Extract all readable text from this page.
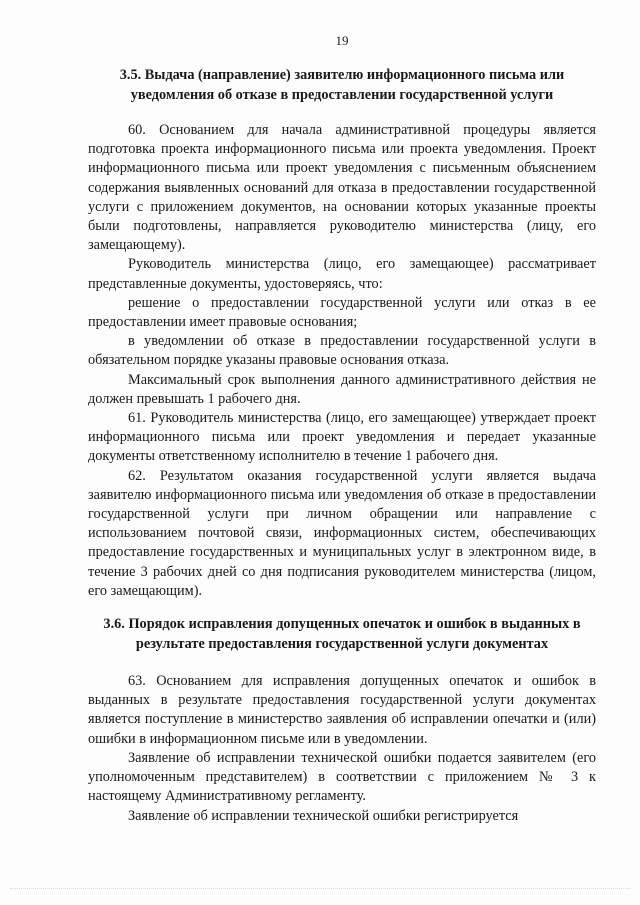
19

3.5. Выдача (направление) заявителю информационного письма или уведомления об отказе в предоставлении государственной услуги

60. Основанием для начала административной процедуры является подготовка проекта информационного письма или проекта уведомления. Проект информационного письма или проект уведомления с письменным объяснением содержания выявленных оснований для отказа в предоставлении государственной услуги с приложением документов, на основании которых указанные проекты были подготовлены, направляется руководителю министерства (лицу, его замещающему).

Руководитель министерства (лицо, его замещающее) рассматривает представленные документы, удостоверяясь, что:

решение о предоставлении государственной услуги или отказ в ее предоставлении имеет правовые основания;

в уведомлении об отказе в предоставлении государственной услуги в обязательном порядке указаны правовые основания отказа.

Максимальный срок выполнения данного административного действия не должен превышать 1 рабочего дня.

61. Руководитель министерства (лицо, его замещающее) утверждает проект информационного письма или проект уведомления и передает указанные документы ответственному исполнителю в течение 1 рабочего дня.

62. Результатом оказания государственной услуги является выдача заявителю информационного письма или уведомления об отказе в предоставлении государственной услуги при личном обращении или направление с использованием почтовой связи, информационных систем, обеспечивающих предоставление государственных и муниципальных услуг в электронном виде, в течение 3 рабочих дней со дня подписания руководителем министерства (лицом, его замещающим).

3.6. Порядок исправления допущенных опечаток и ошибок в выданных в результате предоставления государственной услуги документах

63. Основанием для исправления допущенных опечаток и ошибок в выданных в результате предоставления государственной услуги документах является поступление в министерство заявления об исправлении опечатки и (или) ошибки в информационном письме или в уведомлении.

Заявление об исправлении технической ошибки подается заявителем (его уполномоченным представителем) в соответствии с приложением № 3 к настоящему Административному регламенту.

Заявление об исправлении технической ошибки регистрируется
